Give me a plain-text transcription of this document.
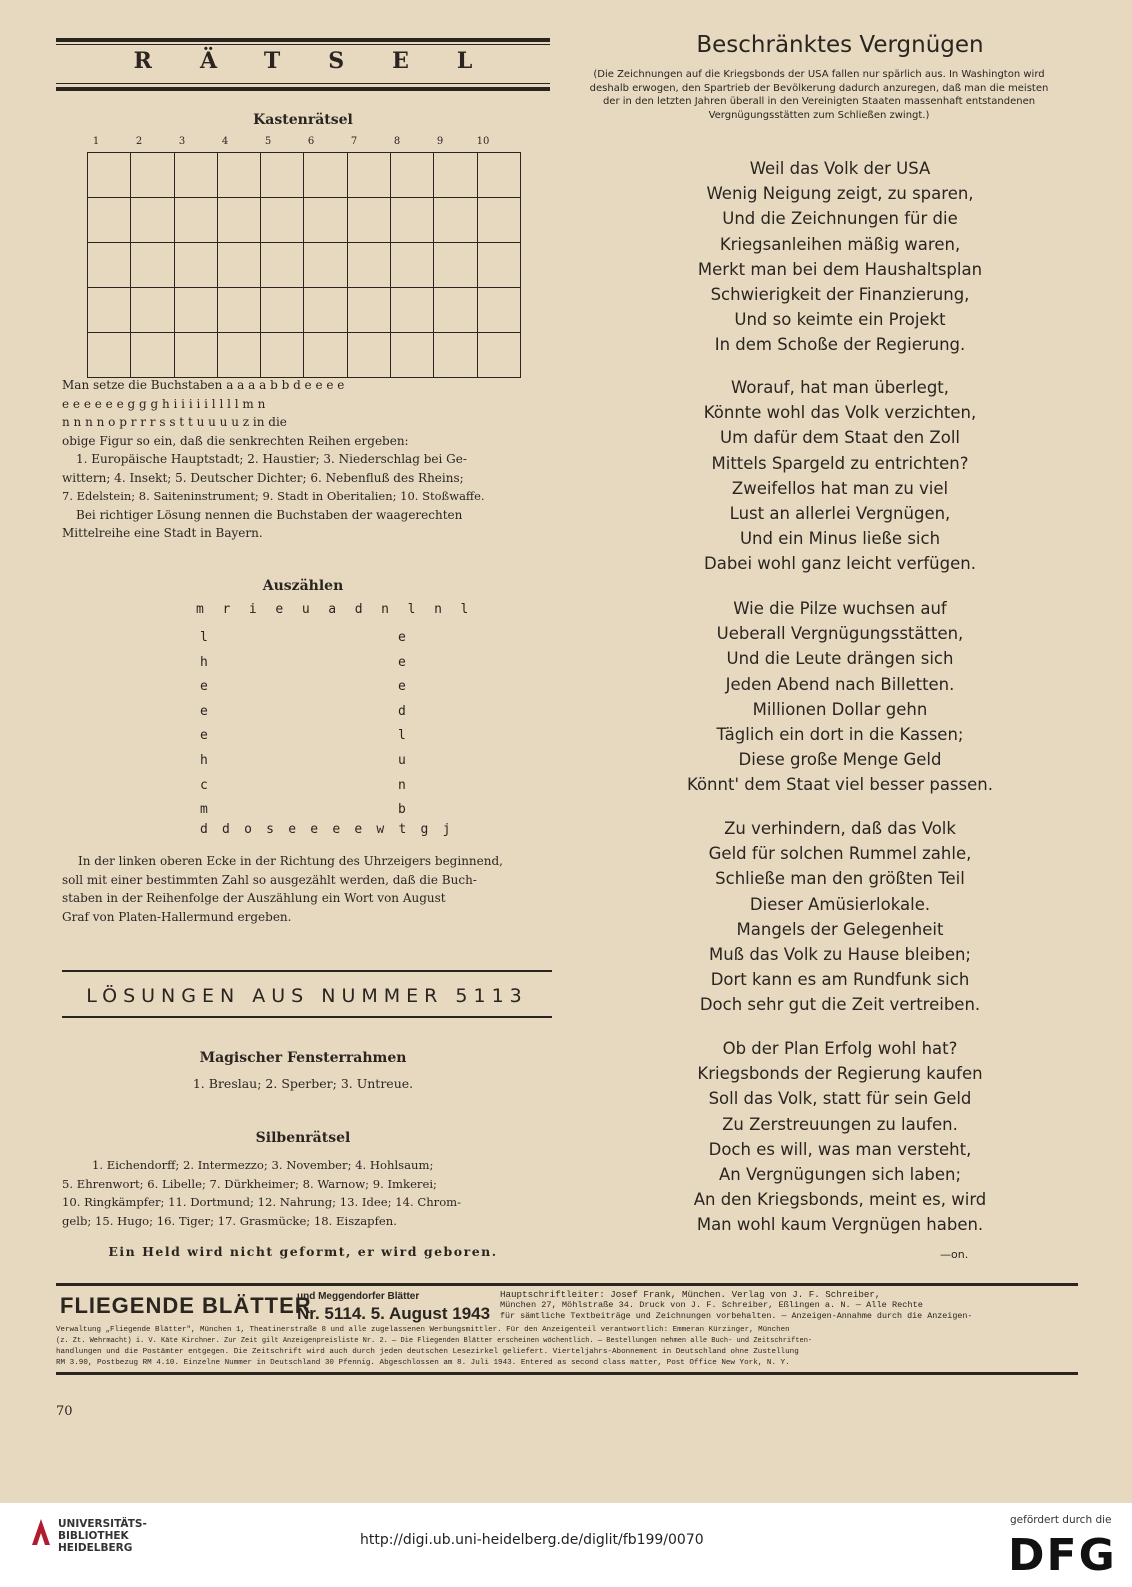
RÄTSEL
Kastenrätsel
1	2	3	4	5	6	7	8	9	10

Man setze die Buchstaben a a a a b b d e e e e
e e e e e e g g g h i i i i i l l l l m n
n n n n o p r r r s s t t u u u u z in die
obige Figur so ein, daß die senkrechten Reihen ergeben:
1. Europäische Hauptstadt; 2. Haustier; 3. Niederschlag bei Ge-
wittern; 4. Insekt; 5. Deutscher Dichter; 6. Nebenfluß des Rheins;
7. Edelstein; 8. Saiteninstrument; 9. Stadt in Oberitalien; 10. Stoßwaffe.
Bei richtiger Lösung nennen die Buchstaben der waagerechten
Mittelreihe eine Stadt in Bayern.
Auszählen
m r i e u a d n l n l
l
h
e
e
e
h
c
m
e
e
e
d
l
u
n
b
d d o s e e e e w t g j
In der linken oberen Ecke in der Richtung des Uhrzeigers beginnend,
soll mit einer bestimmten Zahl so ausgezählt werden, daß die Buch-
staben in der Reihenfolge der Auszählung ein Wort von August
Graf von Platen-Hallermund ergeben.
LÖSUNGEN AUS NUMMER 5113
Magischer Fensterrahmen
1. Breslau; 2. Sperber; 3. Untreue.
Silbenrätsel
1. Eichendorff; 2. Intermezzo; 3. November; 4. Hohlsaum;
5. Ehrenwort; 6. Libelle; 7. Dürkheimer; 8. Warnow; 9. Imkerei;
10. Ringkämpfer; 11. Dortmund; 12. Nahrung; 13. Idee; 14. Chrom-
gelb; 15. Hugo; 16. Tiger; 17. Grasmücke; 18. Eiszapfen.
Ein Held wird nicht geformt, er wird geboren.
Beschränktes Vergnügen
(Die Zeichnungen auf die Kriegsbonds der USA fallen nur spärlich aus. In Washington wird deshalb erwogen, den Spartrieb der Bevölkerung dadurch anzuregen, daß man die meisten der in den letzten Jahren überall in den Vereinigten Staaten massenhaft entstandenen Vergnügungsstätten zum Schließen zwingt.)
Weil das Volk der USA
Wenig Neigung zeigt, zu sparen,
Und die Zeichnungen für die
Kriegsanleihen mäßig waren,
Merkt man bei dem Haushaltsplan
Schwierigkeit der Finanzierung,
Und so keimte ein Projekt
In dem Schoße der Regierung.
Worauf, hat man überlegt,
Könnte wohl das Volk verzichten,
Um dafür dem Staat den Zoll
Mittels Spargeld zu entrichten?
Zweifellos hat man zu viel
Lust an allerlei Vergnügen,
Und ein Minus ließe sich
Dabei wohl ganz leicht verfügen.
Wie die Pilze wuchsen auf
Ueberall Vergnügungsstätten,
Und die Leute drängen sich
Jeden Abend nach Billetten.
Millionen Dollar gehn
Täglich ein dort in die Kassen;
Diese große Menge Geld
Könnt' dem Staat viel besser passen.
Zu verhindern, daß das Volk
Geld für solchen Rummel zahle,
Schließe man den größten Teil
Dieser Amüsierlokale.
Mangels der Gelegenheit
Muß das Volk zu Hause bleiben;
Dort kann es am Rundfunk sich
Doch sehr gut die Zeit vertreiben.
Ob der Plan Erfolg wohl hat?
Kriegsbonds der Regierung kaufen
Soll das Volk, statt für sein Geld
Zu Zerstreuungen zu laufen.
Doch es will, was man versteht,
An Vergnügungen sich laben;
An den Kriegsbonds, meint es, wird
Man wohl kaum Vergnügen haben.
—on.
FLIEGENDE BLÄTTER
und Meggendorfer Blätter
Nr. 5114. 5. August 1943
Hauptschriftleiter: Josef Frank, München. Verlag von J. F. Schreiber,
München 27, Möhlstraße 34. Druck von J. F. Schreiber, Eßlingen a. N. — Alle Rechte
für sämtliche Textbeiträge und Zeichnungen vorbehalten. — Anzeigen-Annahme durch die Anzeigen-
Verwaltung „Fliegende Blätter", München 1, Theatinerstraße 8 und alle zugelassenen Werbungsmittler. Für den Anzeigenteil verantwortlich: Emmeran Kürzinger, München
(z. Zt. Wehrmacht) i. V. Käte Kirchner. Zur Zeit gilt Anzeigenpreisliste Nr. 2. — Die Fliegenden Blätter erscheinen wöchentlich. — Bestellungen nehmen alle Buch- und Zeitschriften-
handlungen und die Postämter entgegen. Die Zeitschrift wird auch durch jeden deutschen Lesezirkel geliefert. Vierteljahrs-Abonnement in Deutschland ohne Zustellung
RM 3.90, Postbezug RM 4.10. Einzelne Nummer in Deutschland 30 Pfennig. Abgeschlossen am 8. Juli 1943. Entered as second class matter, Post Office New York, N. Y.
70
UNIVERSITÄTS-
BIBLIOTHEK
HEIDELBERG	http://digi.ub.uni-heidelberg.de/diglit/fb199/0070
gefördert durch die
DFG
